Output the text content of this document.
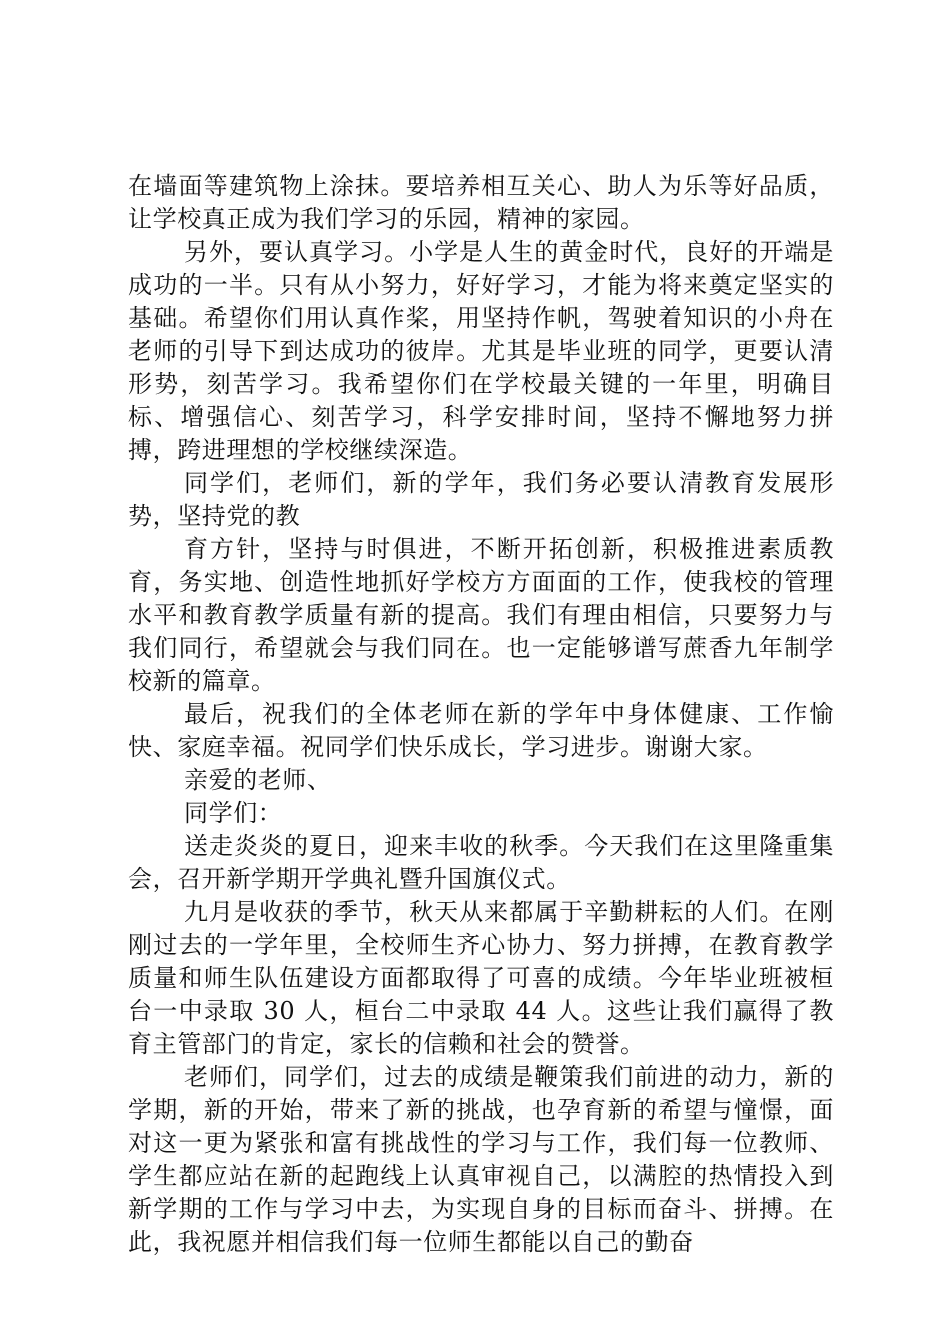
在墙面等建筑物上涂抹。要培养相互关心、助人为乐等好品质，让学校真正成为我们学习的乐园，精神的家园。

另外，要认真学习。小学是人生的黄金时代，良好的开端是成功的一半。只有从小努力，好好学习，才能为将来奠定坚实的基础。希望你们用认真作桨，用坚持作帆，驾驶着知识的小舟在老师的引导下到达成功的彼岸。尤其是毕业班的同学，更要认清形势，刻苦学习。我希望你们在学校最关键的一年里，明确目标、增强信心、刻苦学习，科学安排时间，坚持不懈地努力拼搏，跨进理想的学校继续深造。

同学们，老师们，新的学年，我们务必要认清教育发展形势，坚持党的教

育方针，坚持与时俱进，不断开拓创新，积极推进素质教育，务实地、创造性地抓好学校方方面面的工作，使我校的管理水平和教育教学质量有新的提高。我们有理由相信，只要努力与我们同行，希望就会与我们同在。也一定能够谱写蔗香九年制学校新的篇章。

最后，祝我们的全体老师在新的学年中身体健康、工作愉快、家庭幸福。祝同学们快乐成长，学习进步。谢谢大家。

亲爱的老师、

同学们：

送走炎炎的夏日，迎来丰收的秋季。今天我们在这里隆重集会，召开新学期开学典礼暨升国旗仪式。

九月是收获的季节，秋天从来都属于辛勤耕耘的人们。在刚刚过去的一学年里，全校师生齐心协力、努力拼搏，在教育教学质量和师生队伍建设方面都取得了可喜的成绩。今年毕业班被桓台一中录取 30 人，桓台二中录取 44 人。这些让我们赢得了教育主管部门的肯定，家长的信赖和社会的赞誉。

老师们，同学们，过去的成绩是鞭策我们前进的动力，新的学期，新的开始，带来了新的挑战，也孕育新的希望与憧憬，面对这一更为紧张和富有挑战性的学习与工作，我们每一位教师、学生都应站在新的起跑线上认真审视自己，以满腔的热情投入到新学期的工作与学习中去，为实现自身的目标而奋斗、拼搏。在此，我祝愿并相信我们每一位师生都能以自己的勤奋
